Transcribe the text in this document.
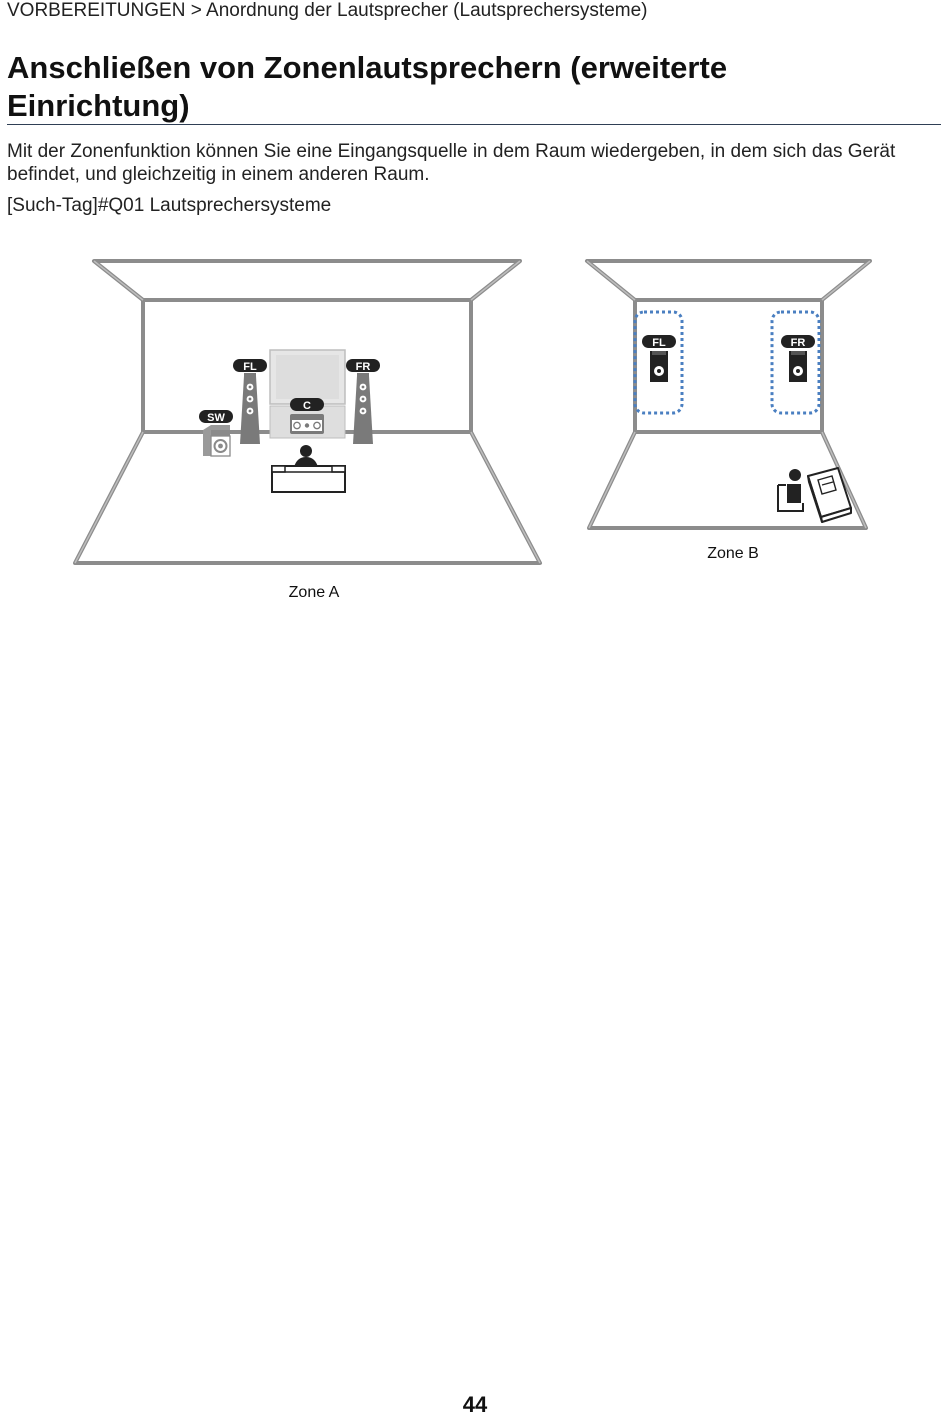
VORBEREITUNGEN > Anordnung der Lautsprecher (Lautsprechersysteme)
Anschließen von Zonenlautsprechern (erweiterte Einrichtung)

Mit der Zonenfunktion können Sie eine Eingangsquelle in dem Raum wiedergeben, in dem sich das Gerät befindet, und gleichzeitig in einem anderen Raum.

[Such-Tag]#Q01 Lautsprechersysteme
C
FL	FR
SW
Zone A
FL	FR
Zone B
44
